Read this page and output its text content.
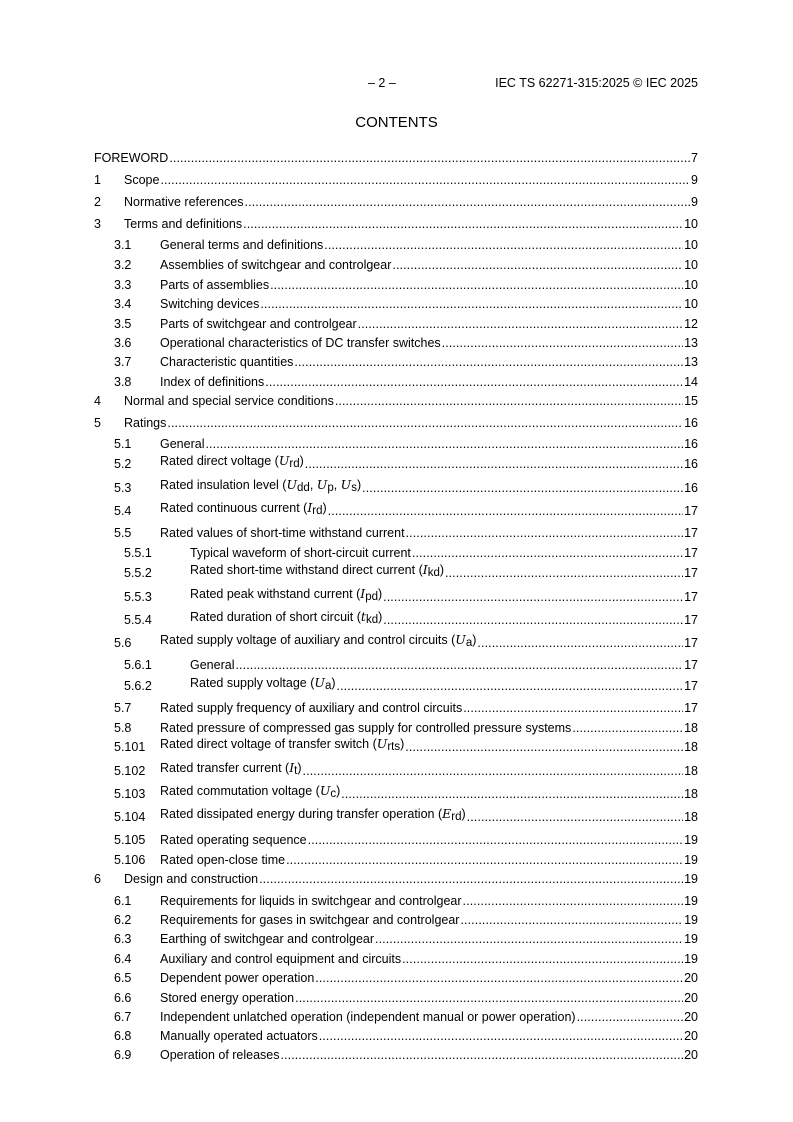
– 2 –	IEC TS 62271-315:2025 © IEC 2025
CONTENTS
FOREWORD .....	7
1	Scope .....	9
2	Normative references .....	9
3	Terms and definitions .....	10
3.1	General terms and definitions .....	10
3.2	Assemblies of switchgear and controlgear .....	10
3.3	Parts of assemblies .....	10
3.4	Switching devices .....	10
3.5	Parts of switchgear and controlgear .....	12
3.6	Operational characteristics of DC transfer switches .....	13
3.7	Characteristic quantities .....	13
3.8	Index of definitions .....	14
4	Normal and special service conditions .....	15
5	Ratings .....	16
5.1	General .....	16
5.2	Rated direct voltage $(U_{rd})$ .....	16
5.3	Rated insulation level ($U_{dd}$, $U_p$, $U_s$) .....	16
5.4	Rated continuous current $(I_{rd})$ .....	17
5.5	Rated values of short-time withstand current .....	17
5.5.1	Typical waveform of short-circuit current .....	17
5.5.2	Rated short-time withstand direct current $(I_{kd})$ .....	17
5.5.3	Rated peak withstand current $(I_{pd})$ .....	17
5.5.4	Rated duration of short circuit $(t_{kd})$ .....	17
5.6	Rated supply voltage of auxiliary and control circuits $(U_a)$ .....	17
5.6.1	General .....	17
5.6.2	Rated supply voltage $(U_a)$ .....	17
5.7	Rated supply frequency of auxiliary and control circuits .....	17
5.8	Rated pressure of compressed gas supply for controlled pressure systems .....	18
5.101	Rated direct voltage of transfer switch $(U_{rts})$ .....	18
5.102	Rated transfer current $(I_t)$ .....	18
5.103	Rated commutation voltage $(U_c)$ .....	18
5.104	Rated dissipated energy during transfer operation $(E_{rd})$ .....	18
5.105	Rated operating sequence .....	19
5.106	Rated open-close time .....	19
6	Design and construction .....	19
6.1	Requirements for liquids in switchgear and controlgear .....	19
6.2	Requirements for gases in switchgear and controlgear .....	19
6.3	Earthing of switchgear and controlgear .....	19
6.4	Auxiliary and control equipment and circuits .....	19
6.5	Dependent power operation .....	20
6.6	Stored energy operation .....	20
6.7	Independent unlatched operation (independent manual or power operation) .....	20
6.8	Manually operated actuators .....	20
6.9	Operation of releases .....	20
